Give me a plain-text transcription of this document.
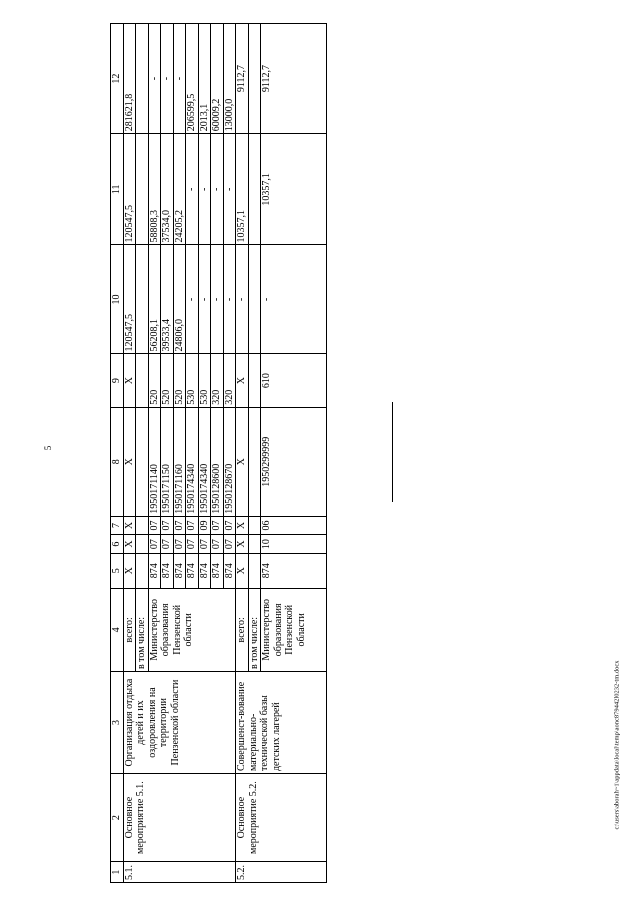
5
c:\users\aborah~1\appdata\local\temp\aonc879442l0232-tm.docx
1	2	3	4	5	6	7	8	9	10	11	12
5.1.	Основное мероприятие 5.1.	Организация отдыха детей и их оздоровления на территории Пензенской области	всего:	X	X	X	X	X	120547,5	120547,5	281621,8
			в том числе:								
			Министерство образования Пензенской области	874	07	07	1950171140	520	56208,1	58808,3	-
				874	07	07	1950171150	520	39533,4	37534,0	-
				874	07	07	1950171160	520	24806,0	24205,2	-
				874	07	07	1950174340	530	-	-	206599,5
				874	07	09	1950174340	530	-	-	2013,1
				874	07	07	1950128600	320	-	-	60009,2
				874	07	07	1950128670	320	-	-	13000,0
5.2.	Основное мероприятие 5.2.	Совершенст-вование материально-технической базы детских лагерей	всего:	X	X	X	X	X	-	10357,1	9112,7
			в том числе:								
			Министерство образования Пензенской области	874	10	06	1950299999	610	-	10357,1	9112,7
